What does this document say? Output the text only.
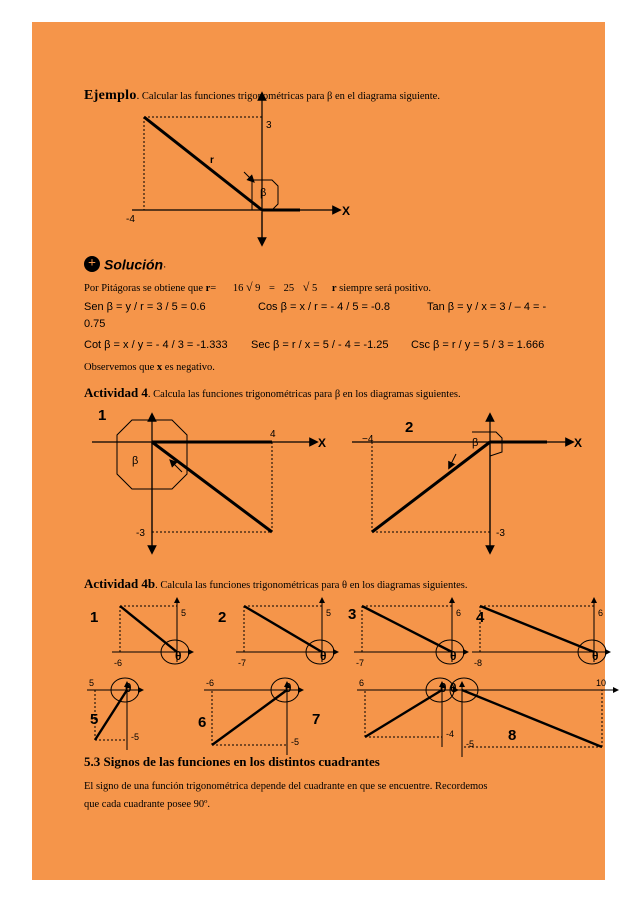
Ejemplo. Calcular las funciones trigonométricas para β en el diagrama siguiente.
3
-4
r
β
X
+ Solución.
Por Pitágoras se obtiene que r= 16 √ 9 = 25 √ 5 r siempre será positivo.
Sen β = y / r = 3 / 5 = 0.6	Cos β = x / r = - 4 / 5 = -0.8	Tan β = y / x = 3 / – 4 = -
0.75
Cot β = x / y = - 4 / 3 = -1.333 Sec β = r / x = 5 / - 4 = -1.25 Csc β = r / y = 5 / 3 = 1.666
Observemos que x es negativo.
Actividad 4. Calcula las funciones trigonométricas para β en los diagramas siguientes.
1
4
-3
β
X
2
−4
-3
β	X
Actividad 4b. Calcula las funciones trigonométricas para θ en los diagramas siguientes.
1
-6
5
θ
2
-7
5
θ
3
-7
6
θ
4
-8
6
θ
5
5
-5
θ
6
-6
-5
θ
7
6
-4
θ
8
10
-5
θ
5.3 Signos de las funciones en los distintos cuadrantes
El signo de una función trigonométrica depende del cuadrante en que se encuentre. Recordemos
que cada cuadrante posee 90º.
